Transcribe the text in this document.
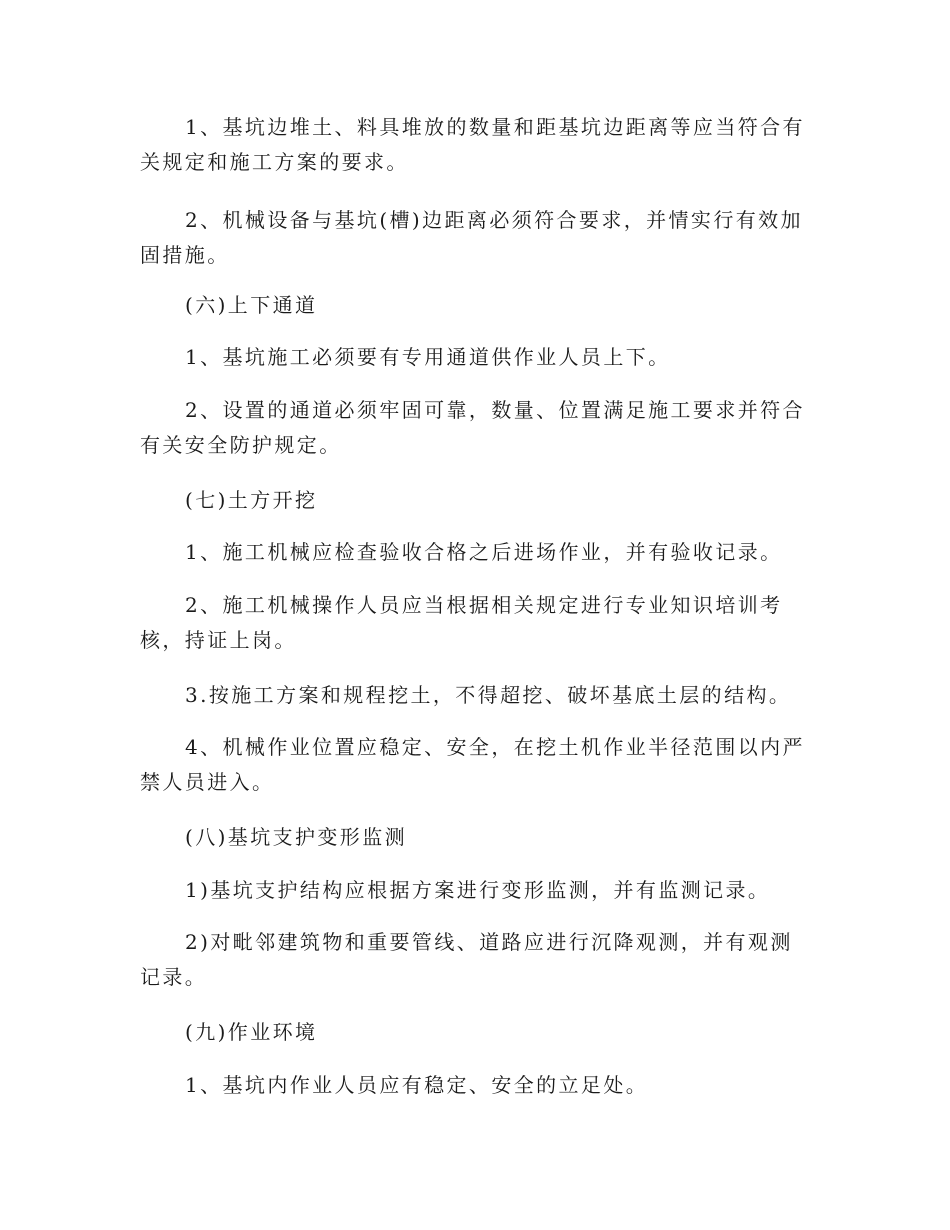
1、基坑边堆土、料具堆放的数量和距基坑边距离等应当符合有关规定和施工方案的要求。

2、机械设备与基坑(槽)边距离必须符合要求，并情实行有效加固措施。

(六)上下通道

1、基坑施工必须要有专用通道供作业人员上下。

2、设置的通道必须牢固可靠，数量、位置满足施工要求并符合有关安全防护规定。

(七)土方开挖

1、施工机械应检查验收合格之后进场作业，并有验收记录。

2、施工机械操作人员应当根据相关规定进行专业知识培训考核，持证上岗。

3.按施工方案和规程挖土，不得超挖、破坏基底土层的结构。

4、机械作业位置应稳定、安全，在挖土机作业半径范围以内严禁人员进入。

(八)基坑支护变形监测

1)基坑支护结构应根据方案进行变形监测，并有监测记录。

2)对毗邻建筑物和重要管线、道路应进行沉降观测，并有观测记录。

(九)作业环境

1、基坑内作业人员应有稳定、安全的立足处。
